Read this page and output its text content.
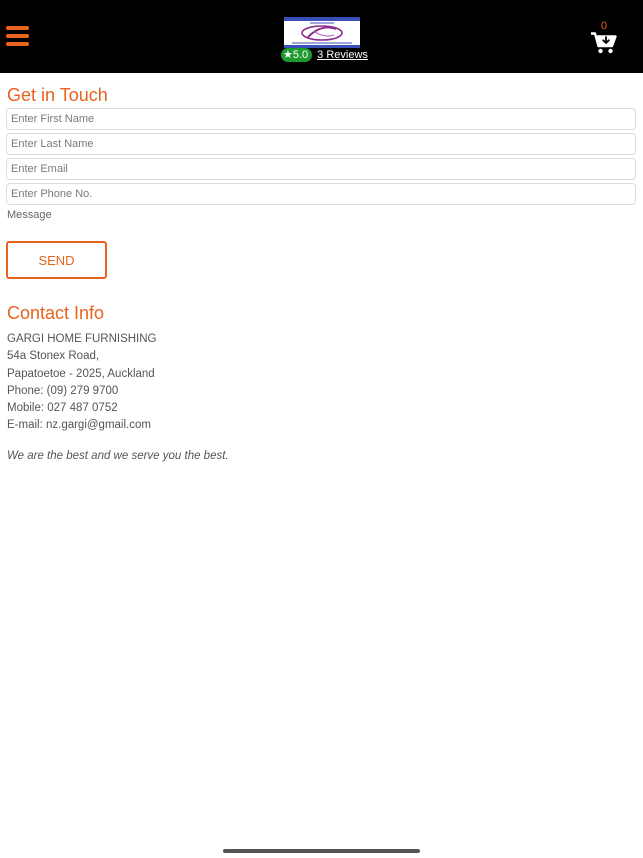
★5.0 3 Reviews
0
Get in Touch
Enter First Name
Enter Last Name
Enter Email
Enter Phone No.
Message
SEND
Contact Info
GARGI HOME FURNISHING
54a Stonex Road,
Papatoetoe - 2025, Auckland
Phone: (09) 279 9700
Mobile: 027 487 0752
E-mail: nz.gargi@gmail.com
We are the best and we serve you the best.
